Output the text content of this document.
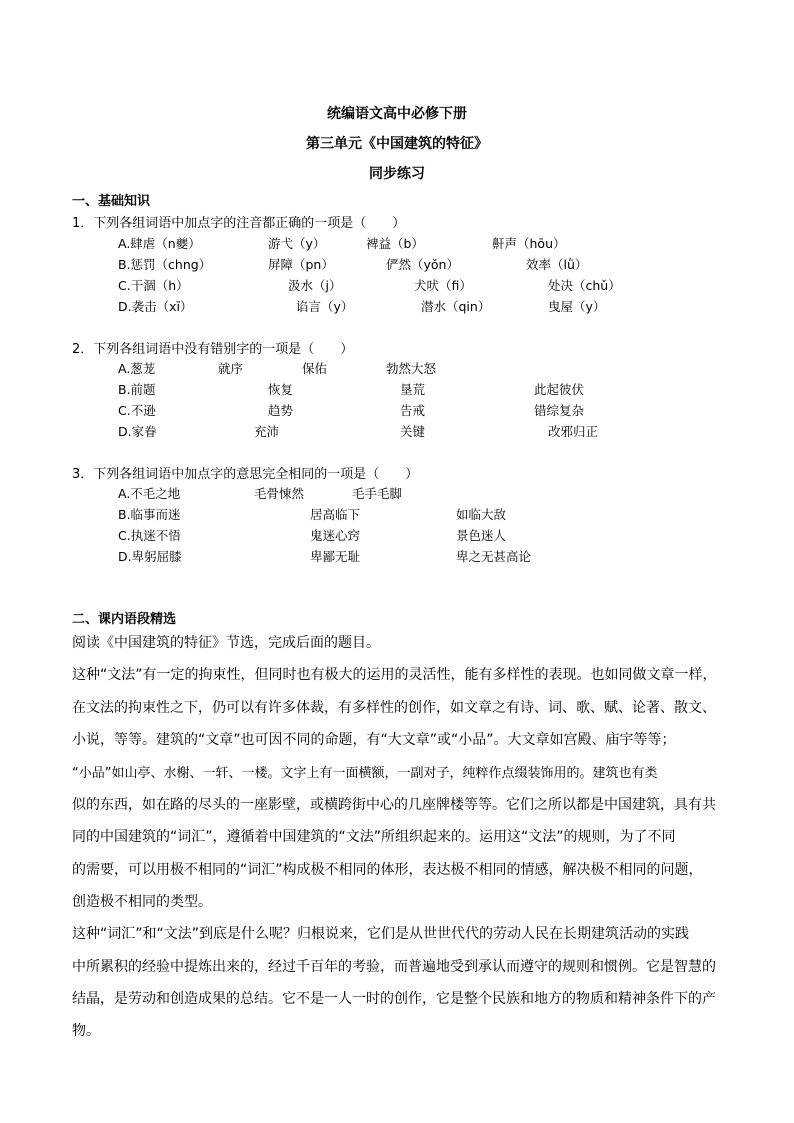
统编语文高中必修下册
第三单元《中国建筑的特征》
同步练习
一、基础知识
1．下列各组词语中加点字的注音都正确的一项是（　　）
A.肆虐（n夔）	游弋（y）	裨益（b）	鼾声（hōu）
B.惩罚（chng）	屏障（pn）	俨然（yǒn）	效率（lǜ）
C.干涸（h）	汲水（j）	犬吠（fi）	处决（chǔ）
D.袭击（xī）	谄言（y）	潜水（qin）	曳屋（y）
2．下列各组词语中没有错别字的一项是（　　）
A.葱茏	就序	保佑	勃然大怒
B.前题	恢复	垦荒	此起彼伏
C.不逊	趋势	告戒	错综复杂
D.家眷	充沛	关键	改邪归正
3．下列各组词语中加点字的意思完全相同的一项是（　　）
A.不毛之地	毛骨悚然	毛手毛脚
B.临事而迷	居高临下	如临大敌
C.执迷不悟	鬼迷心窍	景色迷人
D.卑躬屈膝	卑鄙无耻	卑之无甚高论
二、课内语段精选
阅读《中国建筑的特征》节选，完成后面的题目。
这种“文法”有一定的拘束性，但同时也有极大的运用的灵活性，能有多样性的表现。也如同做文章一样，
在文法的拘束性之下，仍可以有许多体裁，有多样性的创作，如文章之有诗、词、歌、赋、论著、散文、
小说，等等。建筑的“文章”也可因不同的命题，有“大文章”或“小品”。大文章如宫殿、庙宇等等；
“小品”如山亭、水榭、一轩、一楼。文字上有一面横额，一副对子，纯粹作点缀装饰用的。建筑也有类
似的东西，如在路的尽头的一座影壁，或横跨街中心的几座牌楼等等。它们之所以都是中国建筑，具有共
同的中国建筑的“词汇”，遵循着中国建筑的“文法”所组织起来的。运用这“文法”的规则，为了不同
的需要，可以用极不相同的“词汇”构成极不相同的体形，表达极不相同的情感，解决极不相同的问题，
创造极不相同的类型。
这种“词汇”和“文法”到底是什么呢？归根说来，它们是从世世代代的劳动人民在长期建筑活动的实践
中所累积的经验中提炼出来的，经过千百年的考验，而普遍地受到承认而遵守的规则和惯例。它是智慧的
结晶，是劳动和创造成果的总结。它不是一人一时的创作，它是整个民族和地方的物质和精神条件下的产
物。
